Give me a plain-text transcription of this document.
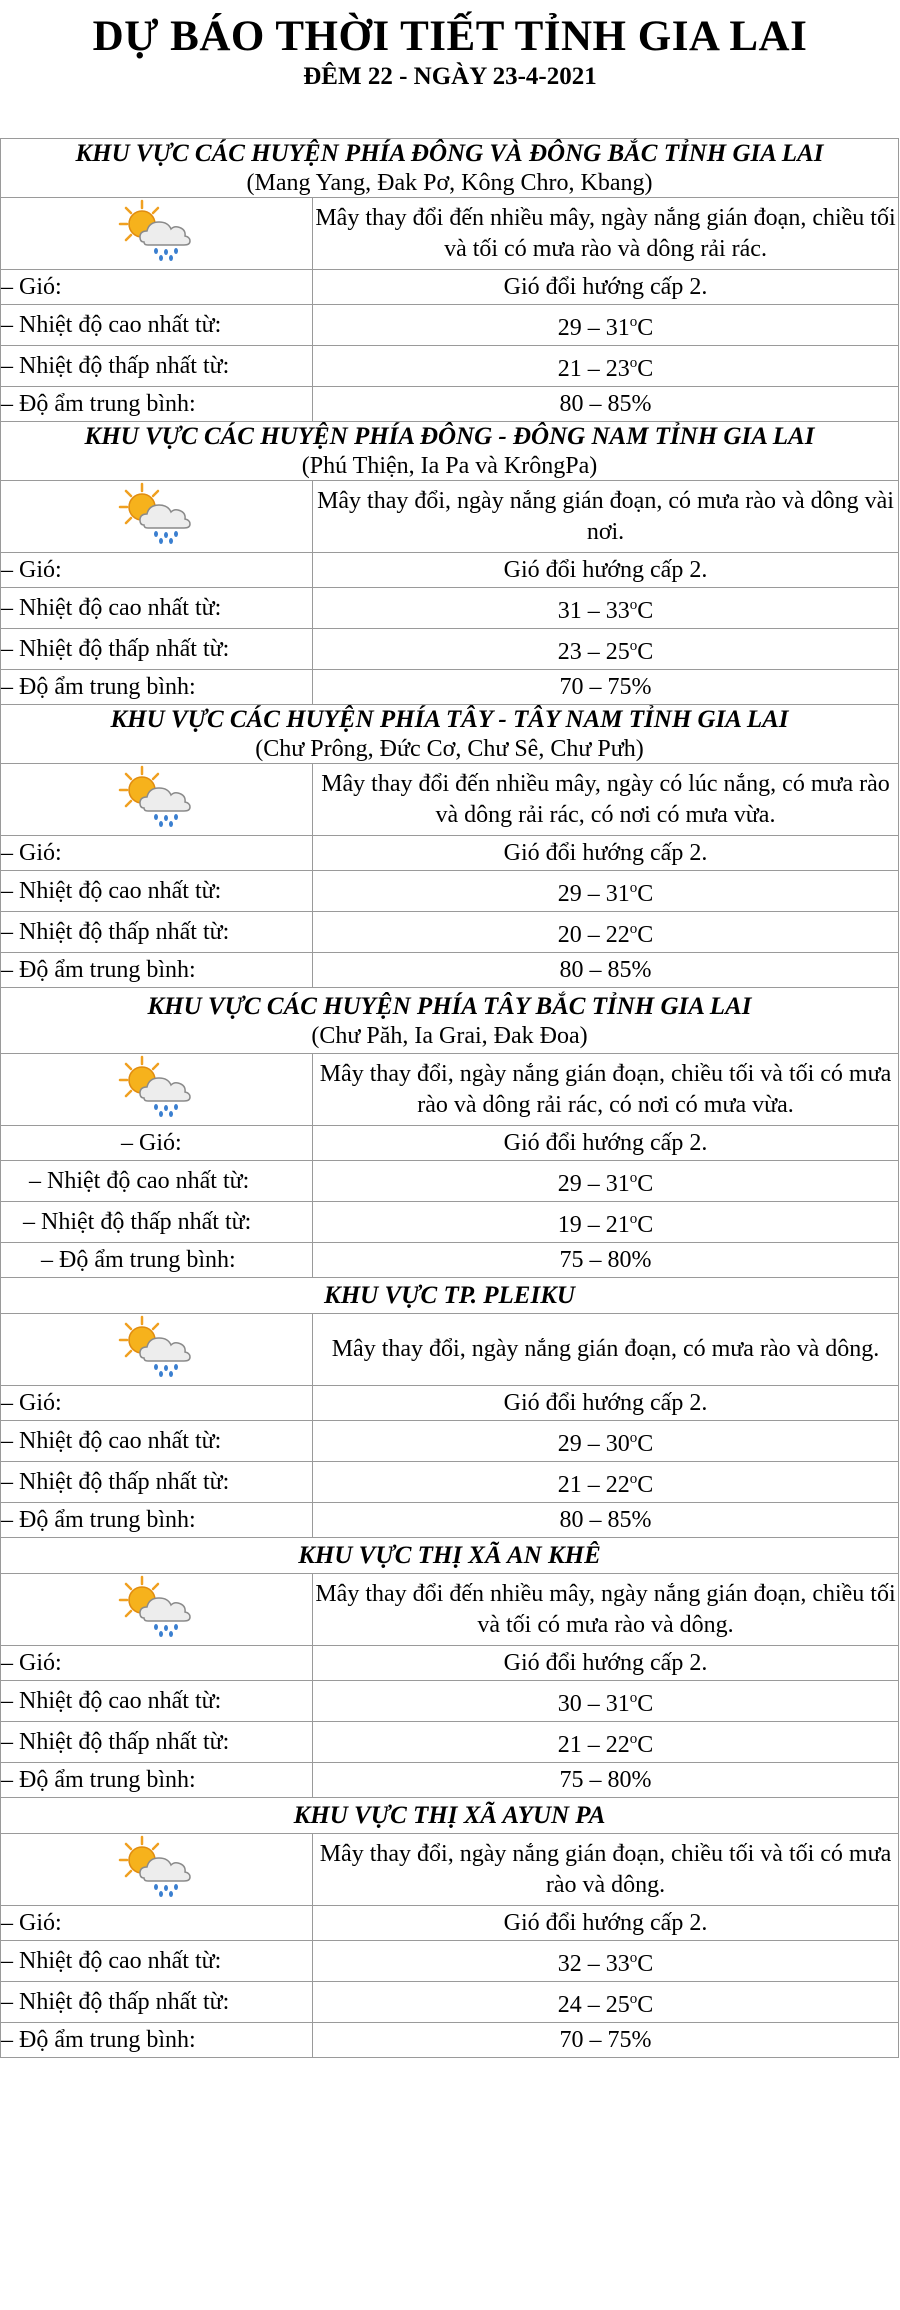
DỰ BÁO THỜI TIẾT TỈNH GIA LAI
ĐÊM 22 - NGÀY 23-4-2021
KHU VỰC CÁC HUYỆN PHÍA ĐÔNG VÀ ĐÔNG BẮC TỈNH GIA LAI
(Mang Yang, Đak Pơ, Kông Chro, Kbang)	

	Mây thay đổi đến nhiều mây, ngày nắng gián đoạn, chiều tối và tối có mưa rào và dông rải rác.
– Gió:	Gió đổi hướng cấp 2.
– Nhiệt độ cao nhất từ:	29 – 31$^o$C
– Nhiệt độ thấp nhất từ:	21 – 23$^o$C
– Độ ẩm trung bình:	80 – 85%

KHU VỰC CÁC HUYỆN PHÍA ĐÔNG - ĐÔNG NAM TỈNH GIA LAI
(Phú Thiện, Ia Pa và KrôngPa)	

	Mây thay đổi, ngày nắng gián đoạn, có mưa rào và dông vài nơi.
– Gió:	Gió đổi hướng cấp 2.
– Nhiệt độ cao nhất từ:	31 – 33$^o$C
– Nhiệt độ thấp nhất từ:	23 – 25$^o$C
– Độ ẩm trung bình:	70 – 75%

KHU VỰC CÁC HUYỆN PHÍA TÂY - TÂY NAM TỈNH GIA LAI
(Chư Prông, Đức Cơ, Chư Sê, Chư Pưh)	

	Mây thay đổi đến nhiều mây, ngày có lúc nắng, có mưa rào và dông rải rác, có nơi có mưa vừa.
– Gió:	Gió đổi hướng cấp 2.
– Nhiệt độ cao nhất từ:	29 – 31$^o$C
– Nhiệt độ thấp nhất từ:	20 – 22$^o$C
– Độ ẩm trung bình:	80 – 85%

KHU VỰC CÁC HUYỆN PHÍA TÂY BẮC TỈNH GIA LAI
(Chư Păh, Ia Grai, Đak Đoa)	

	Mây thay đổi, ngày nắng gián đoạn, chiều tối và tối có mưa rào và dông rải rác, có nơi có mưa vừa.
– Gió:	Gió đổi hướng cấp 2.
– Nhiệt độ cao nhất từ:	29 – 31$^o$C
– Nhiệt độ thấp nhất từ:	19 – 21$^o$C
– Độ ẩm trung bình:	75 – 80%

KHU VỰC TP. PLEIKU	

	Mây thay đổi, ngày nắng gián đoạn, có mưa rào và dông.
– Gió:	Gió đổi hướng cấp 2.
– Nhiệt độ cao nhất từ:	29 – 30$^o$C
– Nhiệt độ thấp nhất từ:	21 – 22$^o$C
– Độ ẩm trung bình:	80 – 85%

KHU VỰC THỊ XÃ AN KHÊ	

	Mây thay đổi đến nhiều mây, ngày nắng gián đoạn, chiều tối và tối có mưa rào và dông.
– Gió:	Gió đổi hướng cấp 2.
– Nhiệt độ cao nhất từ:	30 – 31$^o$C
– Nhiệt độ thấp nhất từ:	21 – 22$^o$C
– Độ ẩm trung bình:	75 – 80%

KHU VỰC THỊ XÃ AYUN PA	

	Mây thay đổi, ngày nắng gián đoạn, chiều tối và tối có mưa rào và dông.
– Gió:	Gió đổi hướng cấp 2.
– Nhiệt độ cao nhất từ:	32 – 33$^o$C
– Nhiệt độ thấp nhất từ:	24 – 25$^o$C
– Độ ẩm trung bình:	70 – 75%
